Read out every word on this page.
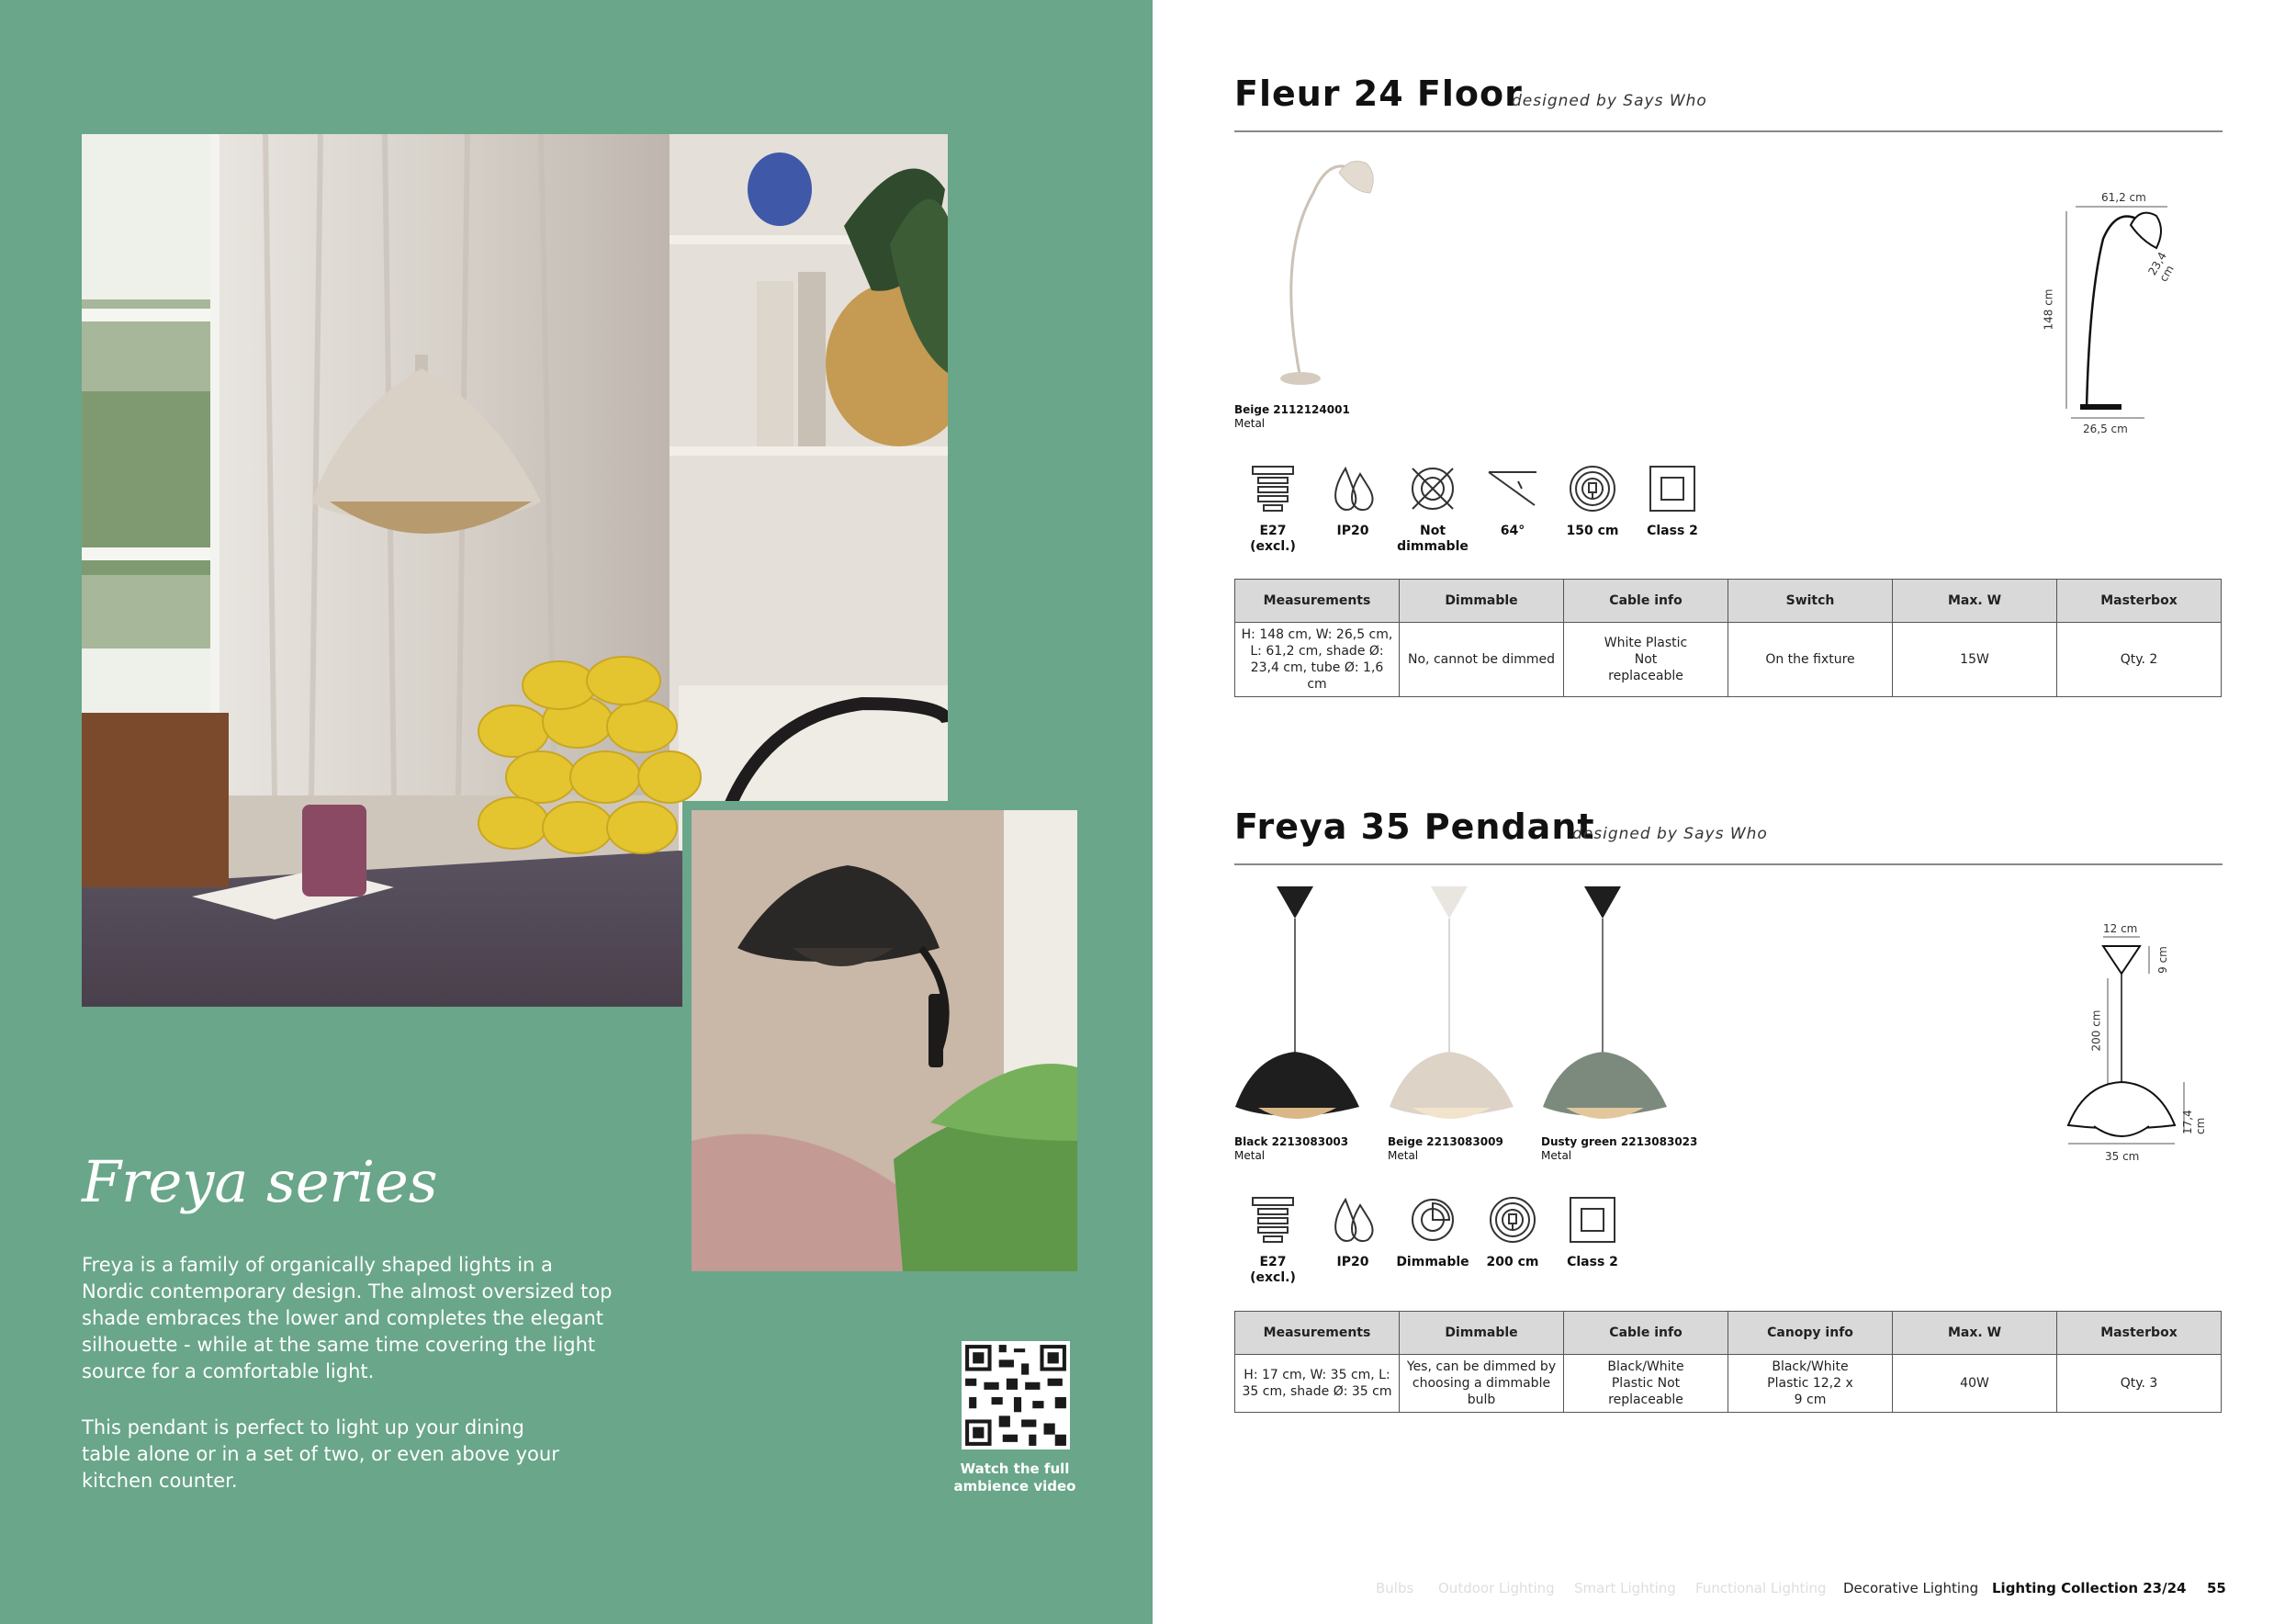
Freya series
Freya is a family of organically shaped lights in a Nordic contemporary design. The almost oversized top shade embraces the lower and completes the elegant silhouette - while at the same time covering the light source for a comfortable light.
This pendant is perfect to light up your dining table alone or in a set of two, or even above your kitchen counter.
Watch the full ambience video
Fleur 24 Floor
designed by Says Who
Beige 2112124001
Metal
61,2 cm
23,4 cm
148 cm
26,5 cm
E27 (excl.)
IP20	Not dimmable
64°	150 cm	Class 2
Measurements	Dimmable	Cable info	Switch	Max. W	Masterbox
H: 148 cm, W: 26,5 cm, L: 61,2 cm, shade Ø: 23,4 cm, tube Ø: 1,6 cm	No, cannot be dimmed	White Plastic Not replaceable	On the fixture	15W	Qty. 2
Freya 35 Pendant
designed by Says Who
Black 2213083003
Metal
Beige 2213083009
Metal
Dusty green 2213083023
Metal
12 cm
9 cm
200 cm
17,4 cm
35 cm
E27 (excl.)
IP20	Dimmable	200 cm	Class 2
Measurements	Dimmable	Cable info	Canopy info	Max. W	Masterbox
H: 17 cm, W: 35 cm, L: 35 cm, shade Ø: 35 cm	Yes, can be dimmed by choosing a dimmable bulb	Black/White Plastic Not replaceable	Black/White Plastic 12,2 x 9 cm	40W	Qty. 3
Bulbs Outdoor Lighting Smart Lighting Functional Lighting Decorative Lighting Lighting Collection 23/24 55
